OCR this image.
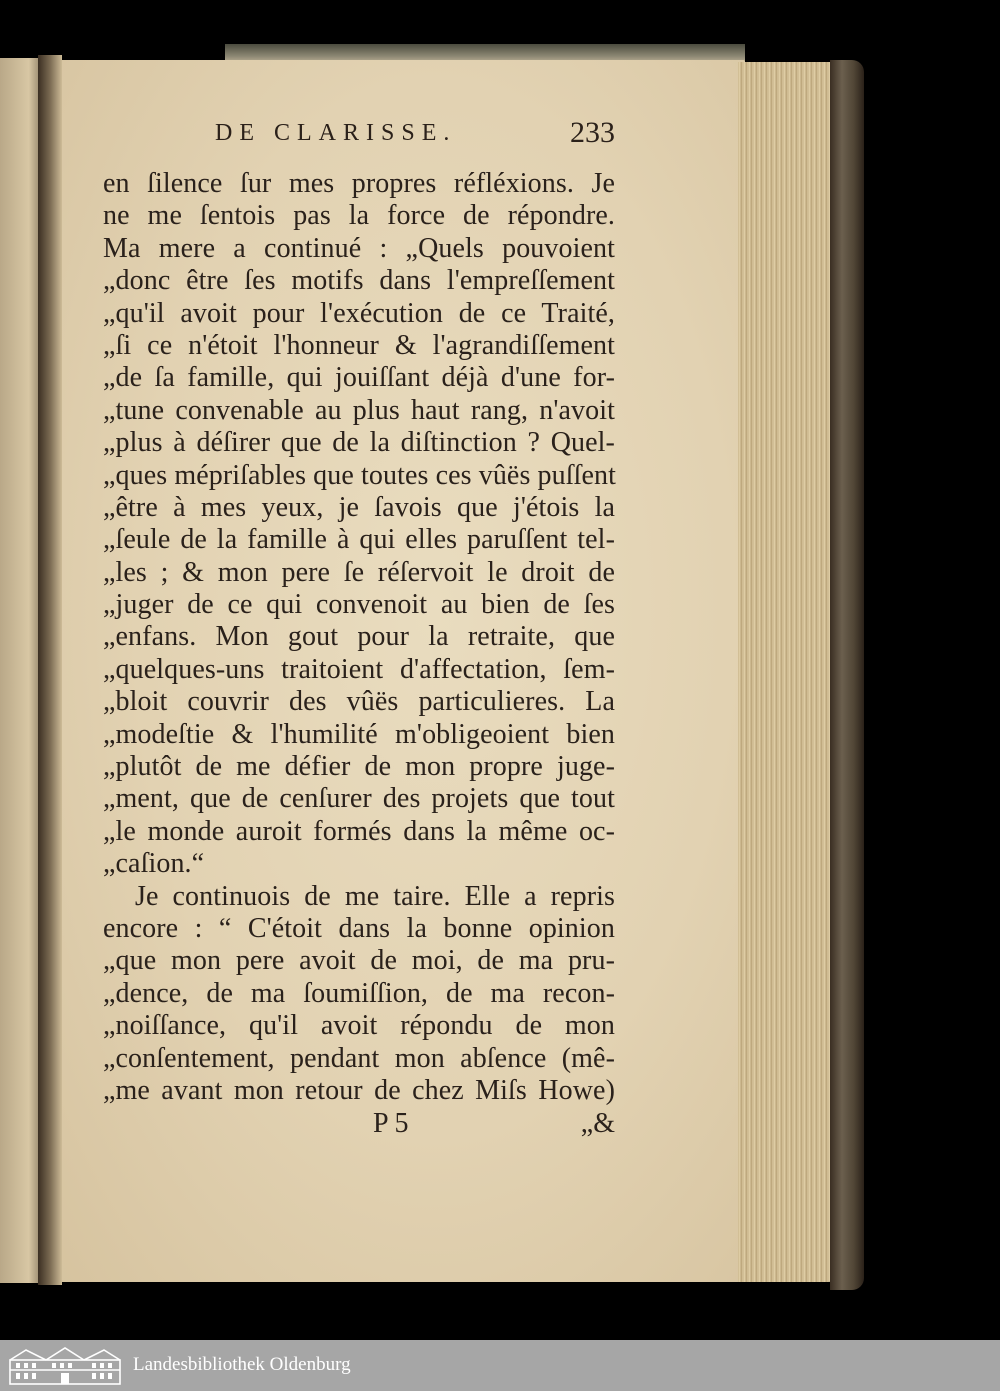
DE CLARISSE.	233
en ſilence ſur mes propres réfléxions. Je
ne me ſentois pas la force de répondre.
Ma mere a continué : „Quels pouvoient
„donc être ſes motifs dans l'empreſſement
„qu'il avoit pour l'exécution de ce Traité,
„ſi ce n'étoit l'honneur & l'agrandiſſement
„de ſa famille, qui jouiſſant déjà d'une for-
„tune convenable au plus haut rang, n'avoit
„plus à déſirer que de la diſtinction ? Quel-
„ques mépriſables que toutes ces vûës puſſent
„être à mes yeux, je ſavois que j'étois la
„ſeule de la famille à qui elles paruſſent tel-
„les ; & mon pere ſe réſervoit le droit de
„juger de ce qui convenoit au bien de ſes
„enfans. Mon gout pour la retraite, que
„quelques-uns traitoient d'affectation, ſem-
„bloit couvrir des vûës particulieres. La
„modeſtie & l'humilité m'obligeoient bien
„plutôt de me défier de mon propre juge-
„ment, que de cenſurer des projets que tout
„le monde auroit formés dans la même oc-
„caſion.“
Je continuois de me taire. Elle a repris
encore : “ C'étoit dans la bonne opinion
„que mon pere avoit de moi, de ma pru-
„dence, de ma ſoumiſſion, de ma recon-
„noiſſance, qu'il avoit répondu de mon
„conſentement, pendant mon abſence (mê-
„me avant mon retour de chez Miſs Howe)
P 5	„&
Landesbibliothek Oldenburg
